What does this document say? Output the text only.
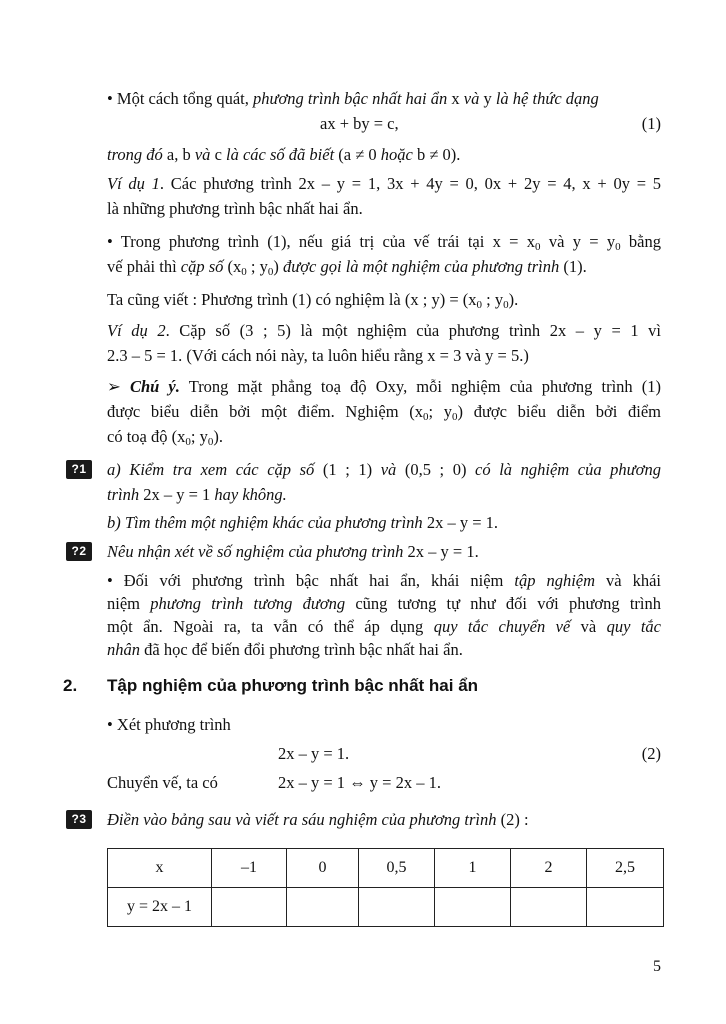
• Một cách tổng quát, phương trình bậc nhất hai ẩn x và y là hệ thức dạng
ax + by = c,	(1)

trong đó a, b và c là các số đã biết (a ≠ 0 hoặc b ≠ 0).
Ví dụ 1. Các phương trình 2x – y = 1, 3x + 4y = 0, 0x + 2y = 4, x + 0y = 5
là những phương trình bậc nhất hai ẩn.
• Trong phương trình (1), nếu giá trị của vế trái tại $x = x_0$ và $y = y_0$ bằng
vế phải thì cặp số ($x_0$ ; $y_0$) được gọi là một nghiệm của phương trình (1).
Ta cũng viết : Phương trình (1) có nghiệm là (x ; $y) = (x_0$ ; $y_0$).
Ví dụ 2. Cặp số (3 ; 5) là một nghiệm của phương trình 2x – y = 1 vì
2.3 – 5 = 1. (Với cách nói này, ta luôn hiểu rằng x = 3 và y = 5.)
➢ Chú ý. Trong mặt phẳng toạ độ Oxy, mỗi nghiệm của phương trình (1)
được biểu diễn bởi một điểm. Nghiệm ($x_0$; $y_0$) được biểu diễn bởi điểm
có toạ độ ($x_0$; $y_0$).
?1	a) Kiểm tra xem các cặp số (1 ; 1) và (0,5 ; 0) có là nghiệm của phương
trình 2x – y = 1 hay không.
b) Tìm thêm một nghiệm khác của phương trình 2x – y = 1.
?2	Nêu nhận xét về số nghiệm của phương trình 2x – y = 1.
• Đối với phương trình bậc nhất hai ẩn, khái niệm tập nghiệm và khái
niệm phương trình tương đương cũng tương tự như đối với phương trình
một ẩn. Ngoài ra, ta vẫn có thể áp dụng quy tắc chuyển vế và quy tắc
nhân đã học để biến đổi phương trình bậc nhất hai ẩn.
2. Tập nghiệm của phương trình bậc nhất hai ẩn
• Xét phương trình
2x – y = 1.	(2)

Chuyển vế, ta có	2x – y = 1 ⇔ y = 2x – 1.
?3	Điền vào bảng sau và viết ra sáu nghiệm của phương trình (2) :
x	–1	0	0,5	1	2	2,5
y = 2x – 1						
5
